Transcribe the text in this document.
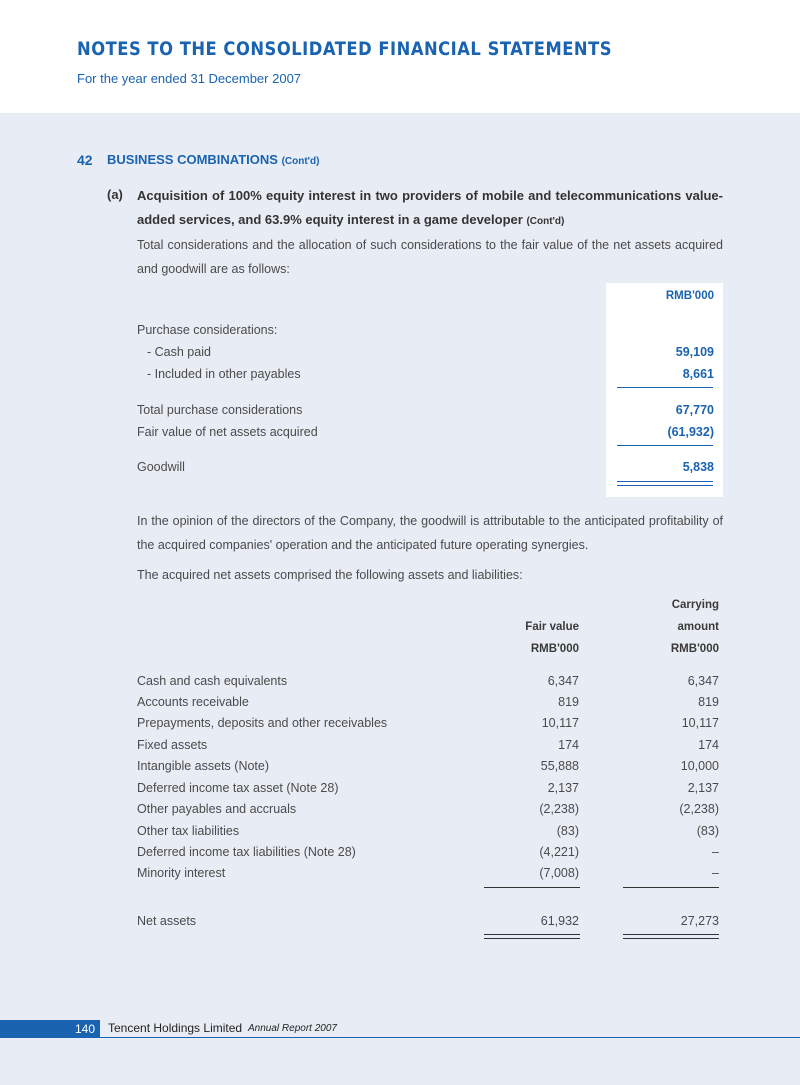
NOTES TO THE CONSOLIDATED FINANCIAL STATEMENTS
For the year ended 31 December 2007
42 BUSINESS COMBINATIONS (Cont'd)
(a) Acquisition of 100% equity interest in two providers of mobile and telecommunications value-added services, and 63.9% equity interest in a game developer (Cont'd)
Total considerations and the allocation of such considerations to the fair value of the net assets acquired and goodwill are as follows:
RMB'000
Purchase considerations:
- Cash paid	59,109
- Included in other payables	8,661
Total purchase considerations	67,770
Fair value of net assets acquired	(61,932)
Goodwill	5,838
In the opinion of the directors of the Company, the goodwill is attributable to the anticipated profitability of the acquired companies' operation and the anticipated future operating synergies.
The acquired net assets comprised the following assets and liabilities:
Carrying
Fair value	amount
RMB'000	RMB'000
Cash and cash equivalents	6,347	6,347
Accounts receivable	819	819
Prepayments, deposits and other receivables	10,117	10,117
Fixed assets	174	174
Intangible assets (Note)	55,888	10,000
Deferred income tax asset (Note 28)	2,137	2,137
Other payables and accruals	(2,238)	(2,238)
Other tax liabilities	(83)	(83)
Deferred income tax liabilities (Note 28)	(4,221)	–
Minority interest	(7,008)	–
Net assets	61,932	27,273
140	Tencent Holdings Limited Annual Report 2007
